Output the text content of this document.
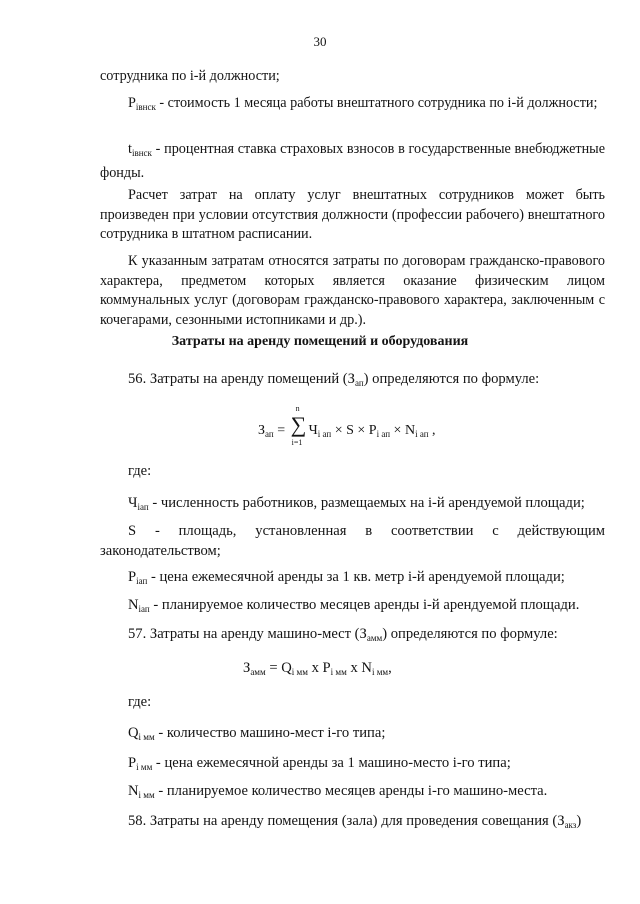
30
сотрудника по i-й должности;
$P_{iвнск}$ - стоимость 1 месяца работы внештатного сотрудника по i-й должности;
$t_{iвнск}$ - процентная ставка страховых взносов в государственные внебюджетные фонды.
Расчет затрат на оплату услуг внештатных сотрудников может быть произведен при условии отсутствия должности (профессии рабочего) внештатного сотрудника в штатном расписании.
К указанным затратам относятся затраты по договорам гражданско-правового характера, предметом которых является оказание физическим лицом коммунальных услуг (договорам гражданско-правового характера, заключенным с кочегарами, сезонными истопниками и др.).
Затраты на аренду помещений и оборудования
56. Затраты на аренду помещений $(З_{ап})$ определяются по формуле:
$З_{ап}$ =
n
∑
i=1
$Ч_{i ап} \times S \times P_{i ап} \times N_{i ап}$ ,
где:
$Ч_{iап}$ - численность работников, размещаемых на i-й арендуемой площади;
S - площадь, установленная в соответствии с действующим законодательством;
$P_{iап}$ - цена ежемесячной аренды за 1 кв. метр i-й арендуемой площади;
$N_{iап}$ - планируемое количество месяцев аренды i-й арендуемой площади.
57. Затраты на аренду машино-мест $(З_{амм})$ определяются по формуле:
$З_{амм} = Q_{i мм}$ x $P_{i мм}$ x $N_{i мм}$,
где:
$Q_{i мм}$ - количество машино-мест i-го типа;
$P_{i мм}$ - цена ежемесячной аренды за 1 машино-место i-го типа;
$N_{i мм}$ - планируемое количество месяцев аренды i-го машино-места.
58. Затраты на аренду помещения (зала) для проведения совещания $(З_{акз})$
